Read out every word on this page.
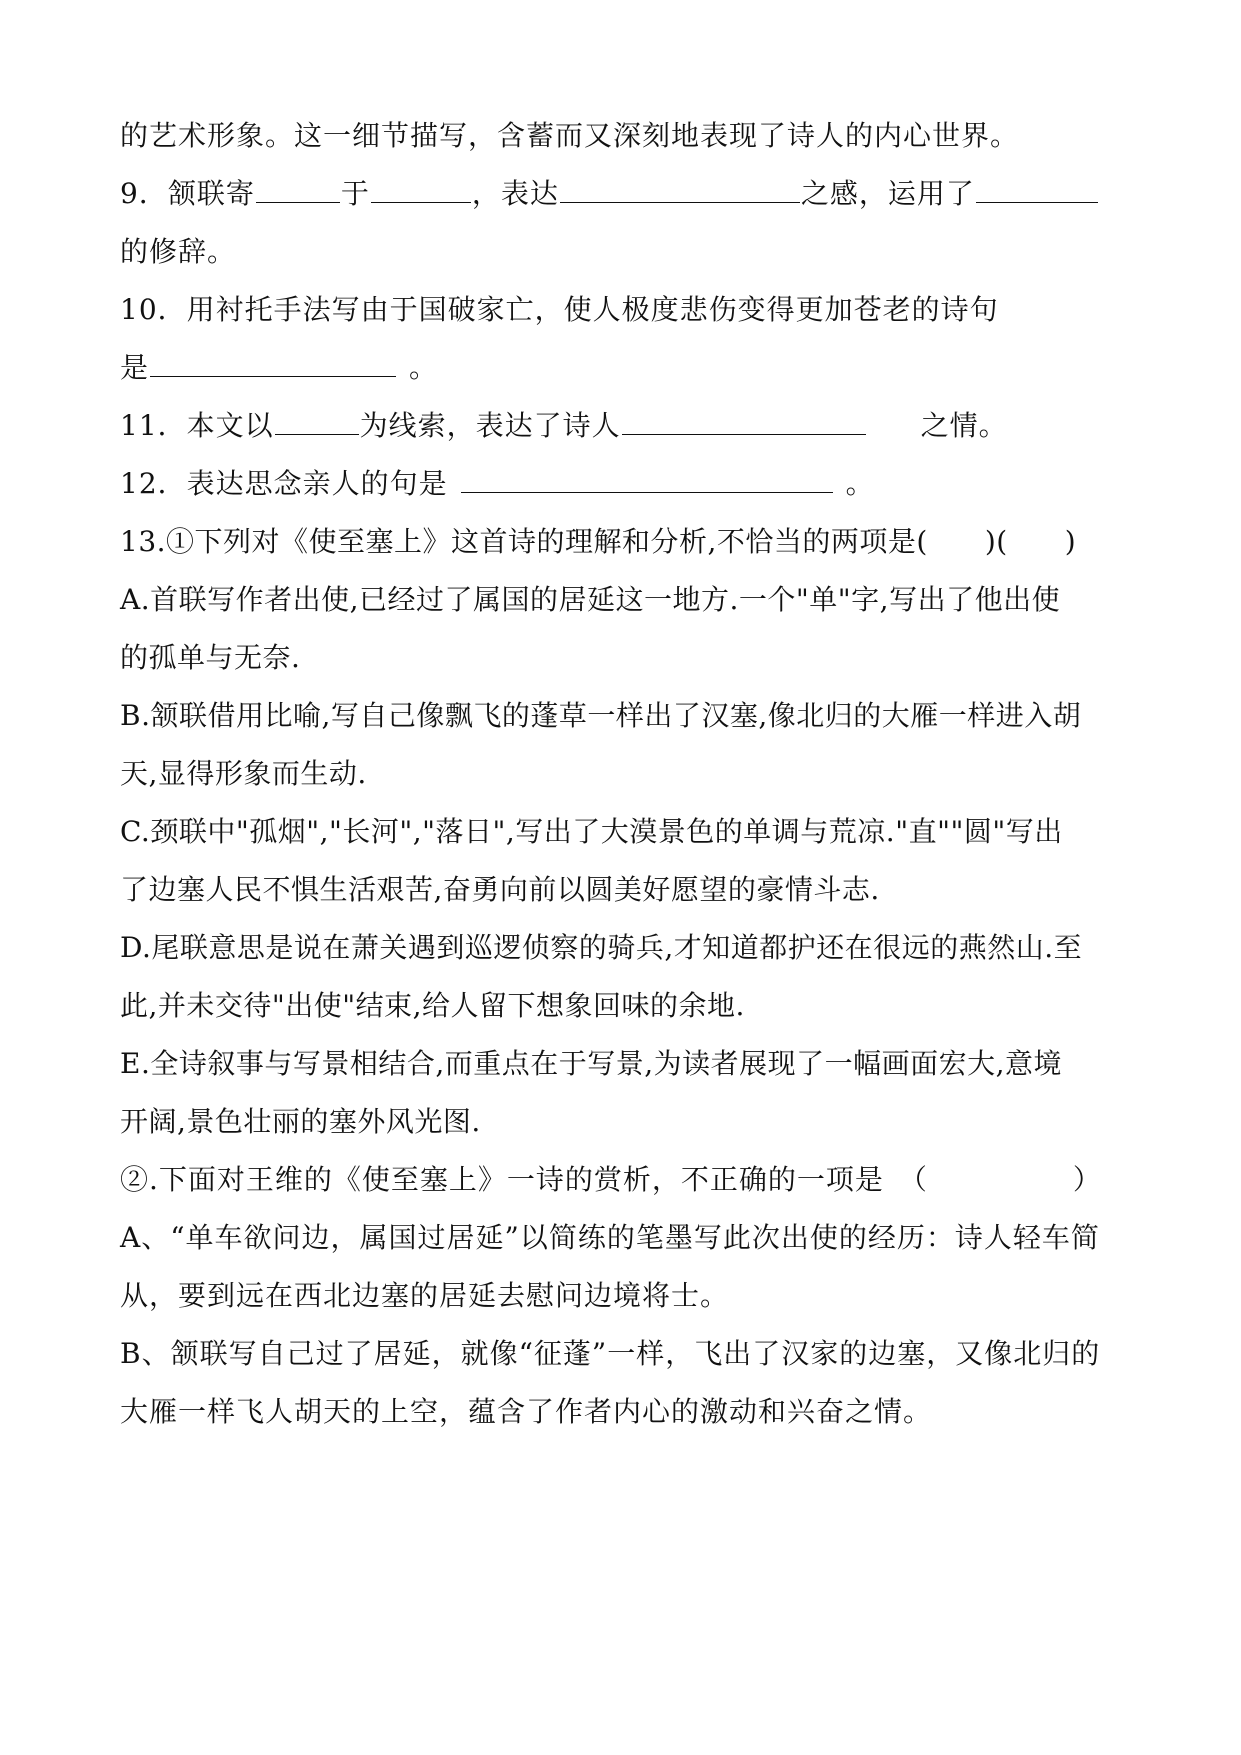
的艺术形象。这一细节描写，含蓄而又深刻地表现了诗人的内心世界。
9．颔联寄	于	，表达	之感，运用了
的修辞。
10．用衬托手法写由于国破家亡，使人极度悲伤变得更加苍老的诗句
是	。
11．本文以	为线索，表达了诗人	之情。
12．表达思念亲人的句是	。
13.①下列对《使至塞上》这首诗的理解和分析,不恰当的两项是(　　)(　　)
A.首联写作者出使,已经过了属国的居延这一地方.一个"单"字,写出了他出使
的孤单与无奈.
B.颔联借用比喻,写自己像飘飞的蓬草一样出了汉塞,像北归的大雁一样进入胡
天,显得形象而生动.
C.颈联中"孤烟","长河","落日",写出了大漠景色的单调与荒凉."直""圆"写出
了边塞人民不惧生活艰苦,奋勇向前以圆美好愿望的豪情斗志.
D.尾联意思是说在萧关遇到巡逻侦察的骑兵,才知道都护还在很远的燕然山.至
此,并未交待"出使"结束,给人留下想象回味的余地.
E.全诗叙事与写景相结合,而重点在于写景,为读者展现了一幅画面宏大,意境
开阔,景色壮丽的塞外风光图.
②.下面对王维的《使至塞上》一诗的赏析，不正确的一项是　（　　　　　）
A、“单车欲问边，属国过居延”以简练的笔墨写此次出使的经历：诗人轻车简
从，要到远在西北边塞的居延去慰问边境将士。
B、颔联写自己过了居延，就像“征蓬”一样，飞出了汉家的边塞，又像北归的
大雁一样飞人胡天的上空，蕴含了作者内心的激动和兴奋之情。
